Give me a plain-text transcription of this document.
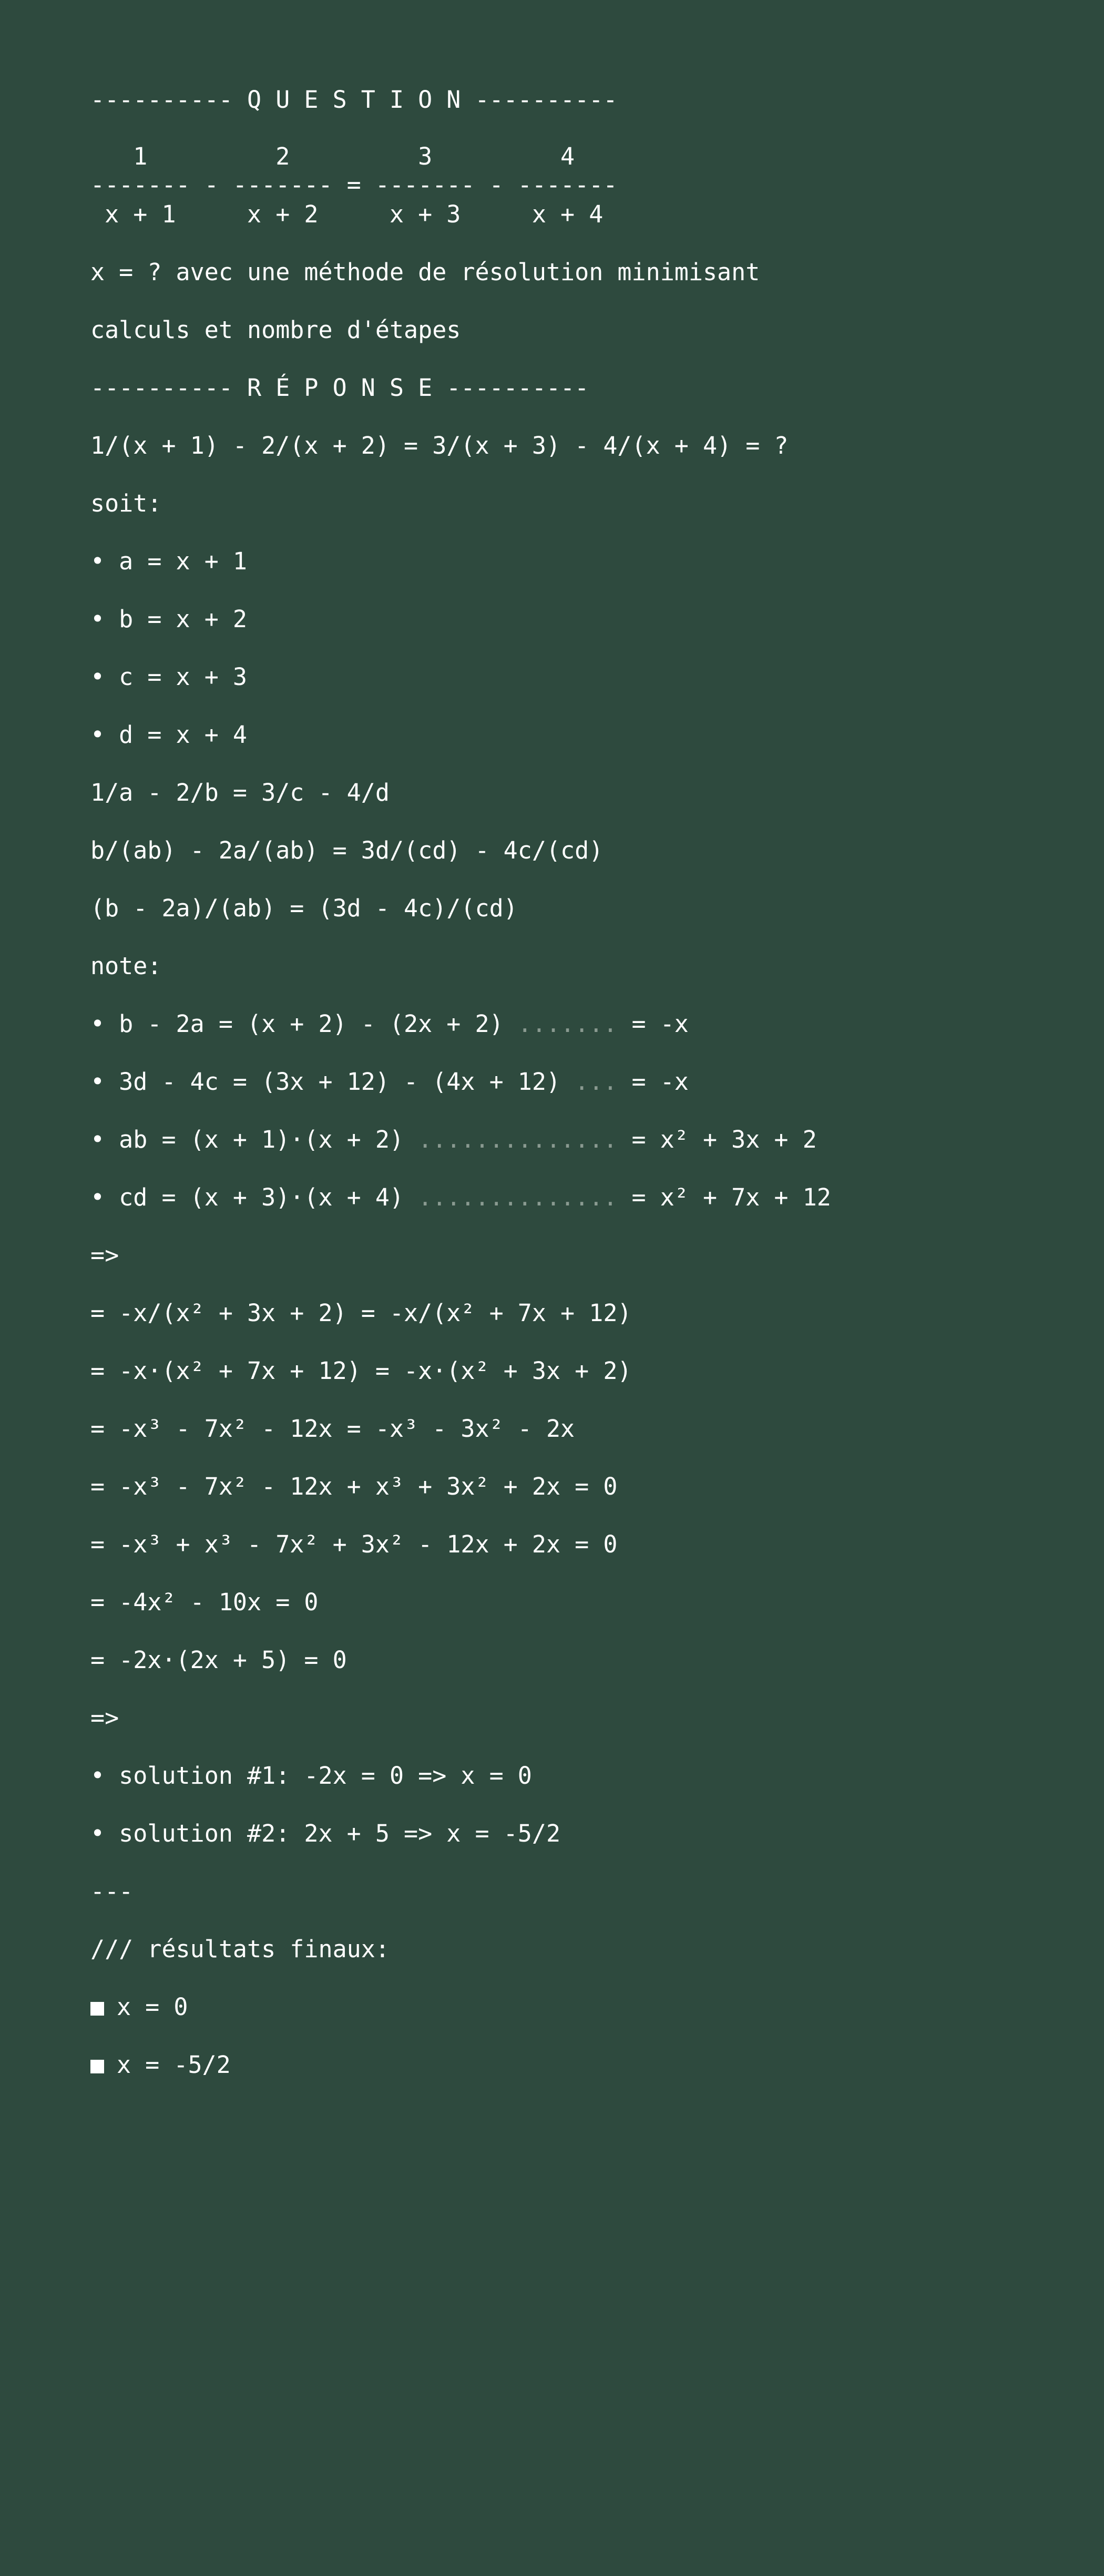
---------- Q U E S T I O N ----------
1         2         3         4
------- - ------- = ------- - -------
x + 1     x + 2     x + 3     x + 4
x = ? avec une méthode de résolution minimisant
calculs et nombre d'étapes
---------- R É P O N S E ----------
1/(x + 1) - 2/(x + 2) = 3/(x + 3) - 4/(x + 4) = ?
soit:
• a = x + 1
• b = x + 2
• c = x + 3
• d = x + 4
1/a - 2/b = 3/c - 4/d
b/(ab) - 2a/(ab) = 3d/(cd) - 4c/(cd)
(b - 2a)/(ab) = (3d - 4c)/(cd)
note:
• b - 2a = (x + 2) - (2x + 2) ....... = -x
• 3d - 4c = (3x + 12) - (4x + 12) ... = -x
• ab = (x + 1)·(x + 2) .............. = x² + 3x + 2
• cd = (x + 3)·(x + 4) .............. = x² + 7x + 12
=>
= -x/(x² + 3x + 2) = -x/(x² + 7x + 12)
= -x·(x² + 7x + 12) = -x·(x² + 3x + 2)
= -x³ - 7x² - 12x = -x³ - 3x² - 2x
= -x³ - 7x² - 12x + x³ + 3x² + 2x = 0
= -x³ + x³ - 7x² + 3x² - 12x + 2x = 0
= -4x² - 10x = 0
= -2x·(2x + 5) = 0
=>
• solution #1: -2x = 0 => x = 0
• solution #2: 2x + 5 => x = -5/2
---
/// résultats finaux:
x = 0
x = -5/2
